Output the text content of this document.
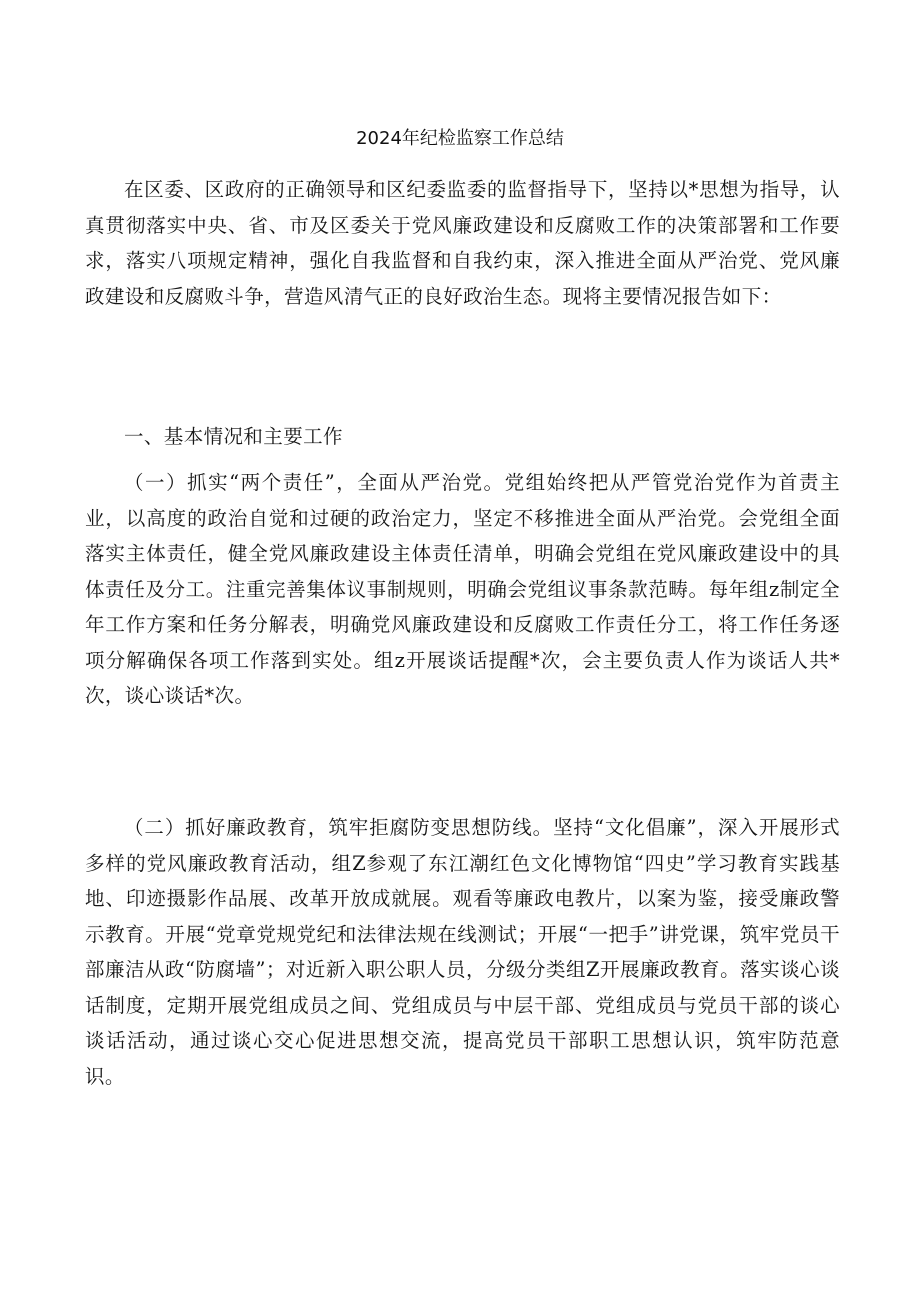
2024年纪检监察工作总结

在区委、区政府的正确领导和区纪委监委的监督指导下，坚持以*思想为指导，认真贯彻落实中央、省、市及区委关于党风廉政建设和反腐败工作的决策部署和工作要求，落实八项规定精神，强化自我监督和自我约束，深入推进全面从严治党、党风廉政建设和反腐败斗争，营造风清气正的良好政治生态。现将主要情况报告如下：

一、基本情况和主要工作

（一）抓实“两个责任”，全面从严治党。党组始终把从严管党治党作为首责主业，以高度的政治自觉和过硬的政治定力，坚定不移推进全面从严治党。会党组全面落实主体责任，健全党风廉政建设主体责任清单，明确会党组在党风廉政建设中的具体责任及分工。注重完善集体议事制规则，明确会党组议事条款范畴。每年组z制定全年工作方案和任务分解表，明确党风廉政建设和反腐败工作责任分工，将工作任务逐项分解确保各项工作落到实处。组z开展谈话提醒*次，会主要负责人作为谈话人共*次，谈心谈话*次。

（二）抓好廉政教育，筑牢拒腐防变思想防线。坚持“文化倡廉”，深入开展形式多样的党风廉政教育活动，组Z参观了东江潮红色文化博物馆“四史”学习教育实践基地、印迹摄影作品展、改革开放成就展。观看等廉政电教片，以案为鉴，接受廉政警示教育。开展“党章党规党纪和法律法规在线测试；开展“一把手”讲党课，筑牢党员干部廉洁从政“防腐墙”；对近新入职公职人员，分级分类组Z开展廉政教育。落实谈心谈话制度，定期开展党组成员之间、党组成员与中层干部、党组成员与党员干部的谈心谈话活动，通过谈心交心促进思想交流，提高党员干部职工思想认识，筑牢防范意识。
